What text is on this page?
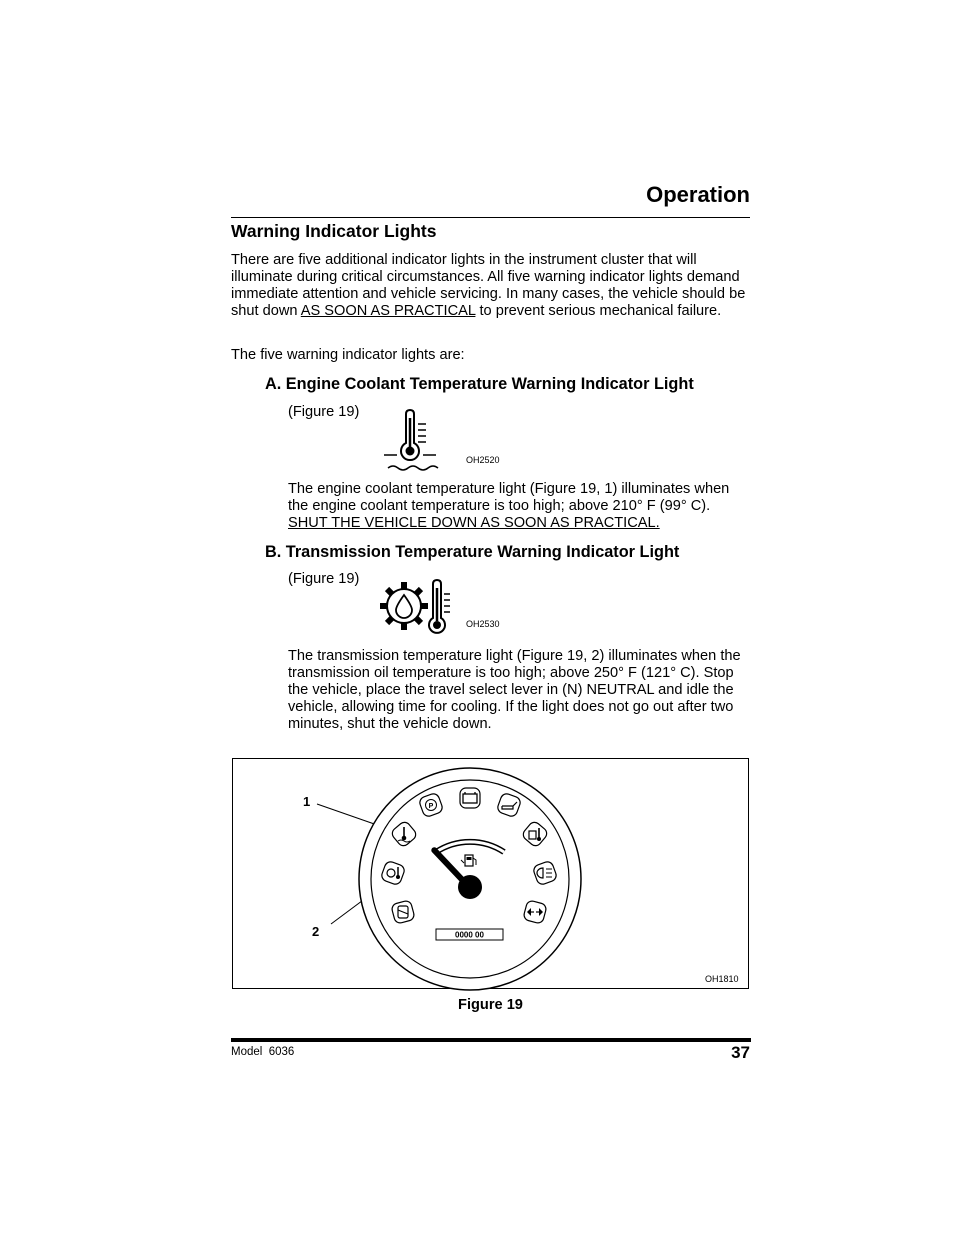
Operation
Warning Indicator Lights
There are five additional indicator lights in the instrument cluster that will illuminate during critical circumstances. All five warning indicator lights demand immediate attention and vehicle servicing. In many cases, the vehicle should be shut down AS SOON AS PRACTICAL to prevent serious mechanical failure.
The five warning indicator lights are:
A. Engine Coolant Temperature Warning Indicator Light
(Figure 19)
OH2520
The engine coolant temperature light (Figure 19, 1) illuminates when the engine coolant temperature is too high; above 210° F (99° C). SHUT THE VEHICLE DOWN AS SOON AS PRACTICAL.
B. Transmission Temperature Warning Indicator Light
(Figure 19)
OH2530
The transmission temperature light (Figure 19, 2) illuminates when the transmission oil temperature is too high; above 250° F (121° C). Stop the vehicle, place the travel select lever in (N) NEUTRAL and idle the vehicle, allowing time for cooling. If the light does not go out after two minutes, shut the vehicle down.
P
0000 00
1
2
OH1810
Figure 19
Model  6036	37
